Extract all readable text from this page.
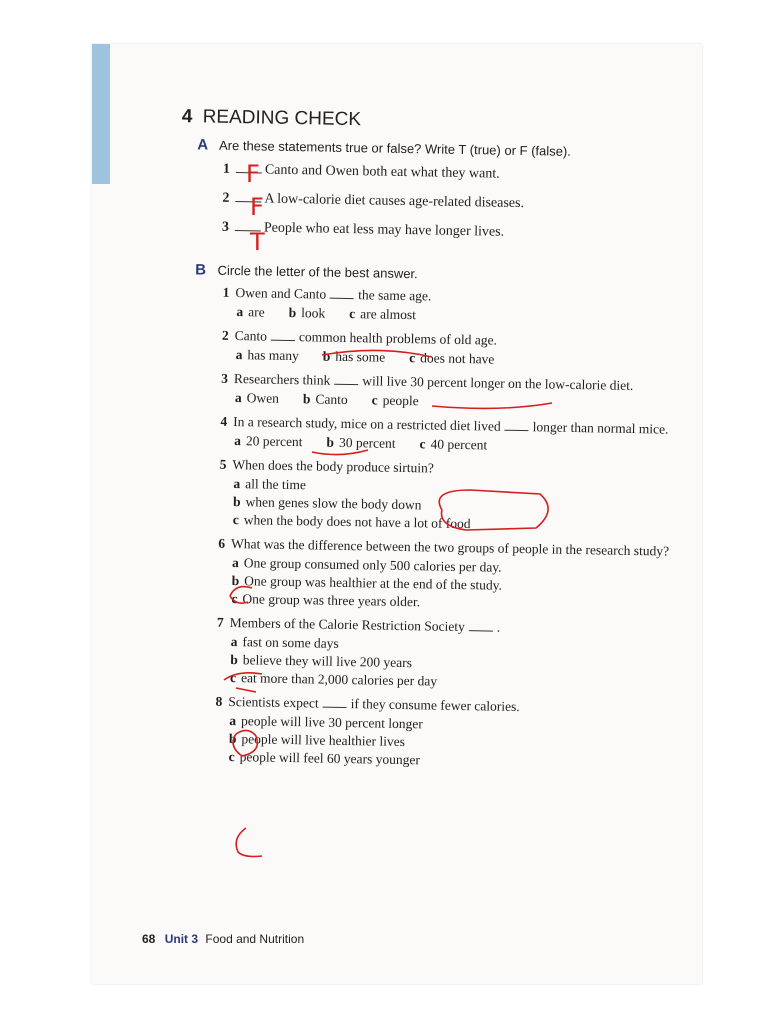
4 READING CHECK
A Are these statements true or false? Write T (true) or F (false).
1 Canto and Owen both eat what they want.
2 A low-calorie diet causes age-related diseases.
3 People who eat less may have longer lives.
B Circle the letter of the best answer.
1 Owen and Canto the same age.
a are b look c are almost
2 Canto common health problems of old age.
a has many b has some c does not have
3 Researchers think will live 30 percent longer on the low-calorie diet.
a Owen b Canto c people
4 In a research study, mice on a restricted diet lived longer than normal mice.
a 20 percent b 30 percent c 40 percent
5 When does the body produce sirtuin?
a all the time
b when genes slow the body down
c when the body does not have a lot of food
6 What was the difference between the two groups of people in the research study?
a One group consumed only 500 calories per day.
b One group was healthier at the end of the study.
c One group was three years older.
7 Members of the Calorie Restriction Society .
a fast on some days
b believe they will live 200 years
c eat more than 2,000 calories per day
8 Scientists expect if they consume fewer calories.
a people will live 30 percent longer
b people will live healthier lives
c people will feel 60 years younger
F
F
T
68 Unit 3 Food and Nutrition
